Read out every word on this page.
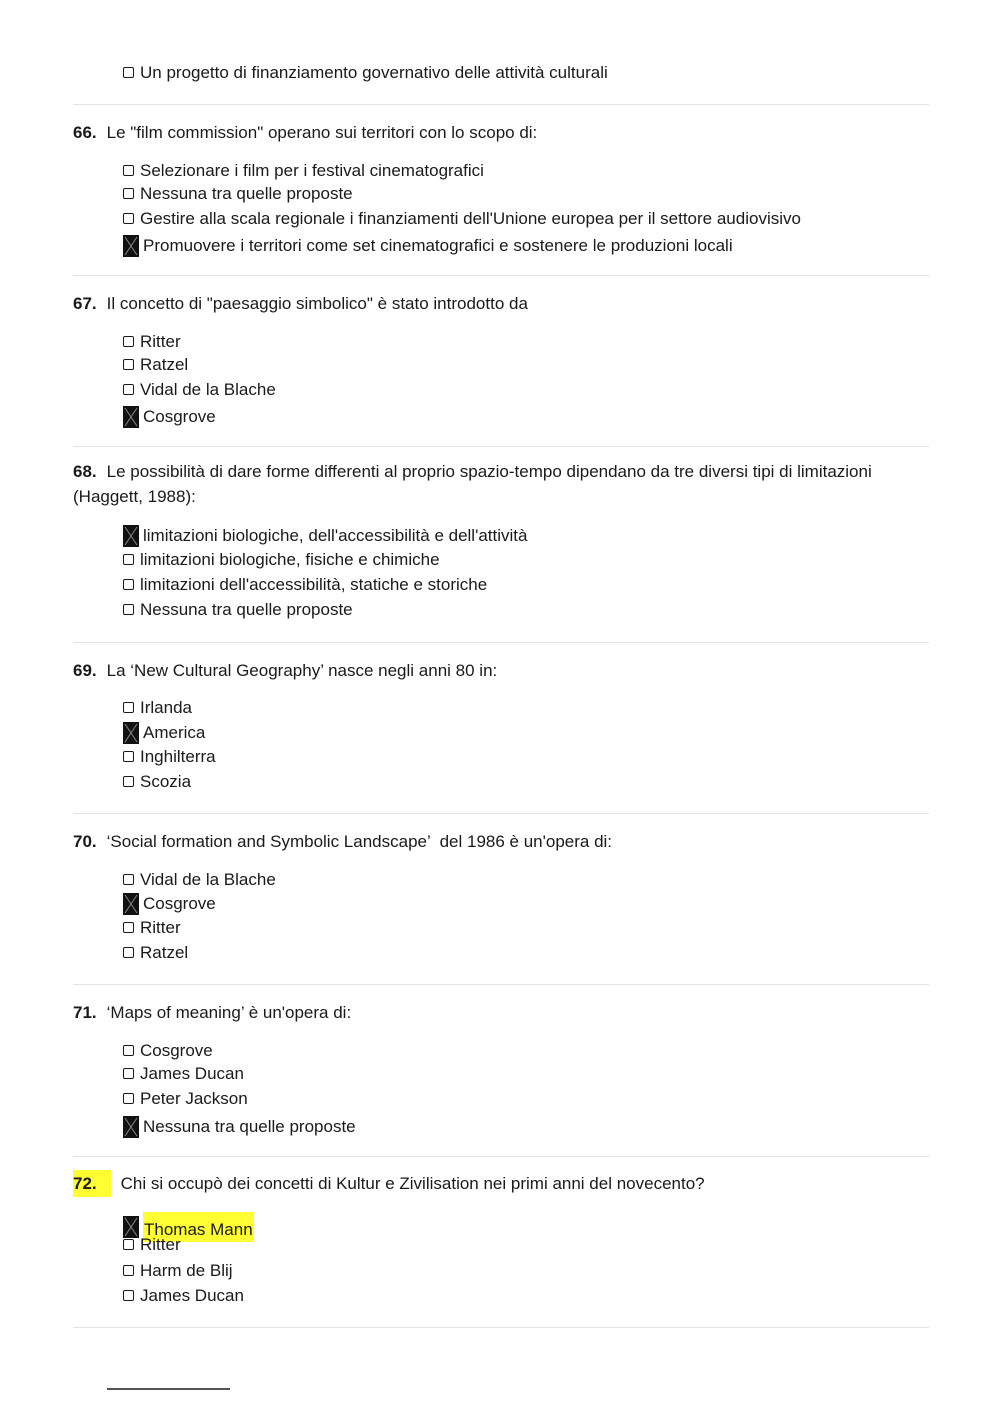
Un progetto di finanziamento governativo delle attività culturali
66. Le "film commission" operano sui territori con lo scopo di:
Selezionare i film per i festival cinematografici
Nessuna tra quelle proposte
Gestire alla scala regionale i finanziamenti dell'Unione europea per il settore audiovisivo
Promuovere i territori come set cinematografici e sostenere le produzioni locali
67. Il concetto di "paesaggio simbolico" è stato introdotto da
Ritter
Ratzel
Vidal de la Blache
Cosgrove
68. Le possibilità di dare forme differenti al proprio spazio-tempo dipendano da tre diversi tipi di limitazioni
(Haggett, 1988):
limitazioni biologiche, dell'accessibilità e dell'attività
limitazioni biologiche, fisiche e chimiche
limitazioni dell'accessibilità, statiche e storiche
Nessuna tra quelle proposte
69. La ‘New Cultural Geography’ nasce negli anni 80 in:
Irlanda
America
Inghilterra
Scozia
70. ‘Social formation and Symbolic Landscape’  del 1986 è un'opera di:
Vidal de la Blache
Cosgrove
Ritter
Ratzel
71. ‘Maps of meaning’ è un'opera di:
Cosgrove
James Ducan
Peter Jackson
Nessuna tra quelle proposte
72. Chi si occupò dei concetti di Kultur e Zivilisation nei primi anni del novecento?
Thomas Mann
Ritter
Harm de Blij
James Ducan
